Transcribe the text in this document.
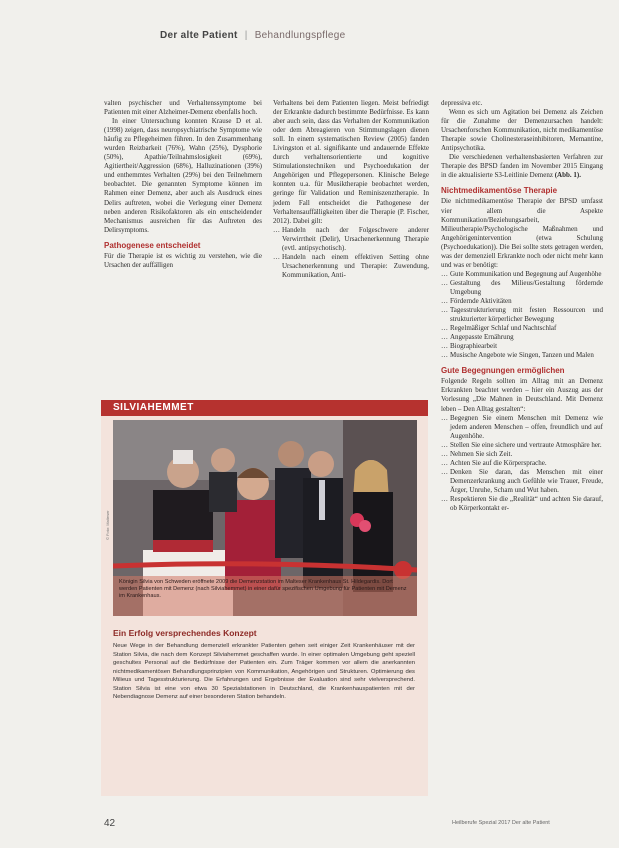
Der alte Patient | Behandlungspflege

valten psychischer und Verhaltenssymptome bei Patienten mit einer Alzheimer-Demenz ebenfalls hoch.

In einer Untersuchung konnten Krause D et al. (1998) zeigen, dass neuropsychiatrische Symptome wie häufig zu Pflegeheimen führen. In den Zusammenhang wurden Reizbarkeit (76%), Wahn (25%), Dysphorie (50%), Apathie/Teilnahmslosigkeit (69%), Agitiertheit/Aggression (68%), Halluzinationen (39%) und enthemmtes Verhalten (29%) bei den Teilnehmern beobachtet. Die genannten Symptome können im Rahmen einer Demenz, aber auch als Ausdruck eines Delirs auftreten, wobei die Verlegung einer Demenz neben anderen Risikofaktoren als ein entscheidender Mechanismus ausreichen für das Auftreten des Delirsymptoms.

Pathogenese entscheidet

Für die Therapie ist es wichtig zu verstehen, wie die Ursachen der auffälligen

Verhaltens bei dem Patienten liegen. Meist befriedigt der Erkrankte dadurch bestimmte Bedürfnisse. Es kann aber auch sein, dass das Verhalten der Kommunikation oder dem Abreagieren von Stimmungslagen dienen soll. In einem systematischen Review (2005) fanden Livingston et al. signifikante und andauernde Effekte durch verhaltensorientierte und kognitive Stimulationstechniken und Psychoedukation der Angehörigen und Pflegepersonen. Klinische Belege konnten u.a. für Musiktherapie beobachtet werden, geringe für Validation und Reminiszenztherapie. In jedem Fall entscheidet die Pathogenese der Verhaltensauffälligkeiten über die Therapie (P. Fischer, 2012). Dabei gilt:

… Handeln nach der Folgeschwere anderer Verwirrtheit (Delir), Ursachenerkennung Therapie (evtl. antipsychotisch).
… Handeln nach einem effektiven Setting ohne Ursachenerkennung und Therapie: Zuwendung, Kommunikation, Anti-

depressiva etc.

Wenn es sich um Agitation bei Demenz als Zeichen für die Zunahme der Demenzursachen handelt: Ursachenforschen Kommunikation, nicht medikamentöse Therapie sowie Cholinesteraseinhibitoren, Memantine, Antipsychotika.

Die verschiedenen verhaltensbasierten Verfahren zur Therapie des BPSD fanden im November 2015 Eingang in die aktualisierte S3-Leitlinie Demenz (Abb. 1).

Nichtmedikamentöse Therapie

Die nichtmedikamentöse Therapie der BPSD umfasst vier allem die Aspekte Kommunikation/Beziehungsarbeit, Milieutherapie/Psychologische Maßnahmen und Angehörigenintervention (etwa Schulung (Psychoedukation)). Die Bei sollte stets getragen werden, was der demenziell Erkrankte noch oder nicht mehr kann und was er benötigt:

… Gute Kommunikation und Begegnung auf Augenhöhe
… Gestaltung des Milieus/Gestaltung fördernde Umgebung
… Fördernde Aktivitäten
… Tagesstrukturierung mit festen Ressourcen und strukturierter körperlicher Bewegung
… Regelmäßiger Schlaf und Nachtschlaf
… Angepasste Ernährung
… Biographiearbeit
… Musische Angebote wie Singen, Tanzen und Malen
Gute Begegnungen ermöglichen

Folgende Regeln sollten im Alltag mit an Demenz Erkrankten beachtet werden – hier ein Auszug aus der Vorlesung „Die Mahnen in Deutschland. Mit Demenz leben – Den Alltag gestalten“:

… Begegnen Sie einem Menschen mit Demenz wie jedem anderen Menschen – offen, freundlich und auf Augenhöhe.
… Stellen Sie eine sichere und vertraute Atmosphäre her.
… Nehmen Sie sich Zeit.
… Achten Sie auf die Körpersprache.
… Denken Sie daran, das Menschen mit einer Demenzerkrankung auch Gefühle wie Trauer, Freude, Ärger, Unruhe, Scham und Wut haben.
… Respektieren Sie die „Realität“ und achten Sie darauf, ob Körperkontakt er-
SILVIAHEMMET
Königin Silvia von Schweden eröffnete 2009 die Demenzstation im Malteser Krankenhaus St. Hildegardis. Dort werden Patienten mit Demenz (nach Silviahemmet) in einer dafür spezifischen Umgebung für Patienten mit Demenz im Krankenhaus.
© Foto: Malteser
Ein Erfolg versprechendes Konzept
Neue Wege in der Behandlung demenziell erkrankter Patienten gehen seit einiger Zeit Krankenhäuser mit der Station Silvia, die nach dem Konzept Silviahemmet geschaffen wurde. In einer optimalen Umgebung geht speziell geschultes Personal auf die Bedürfnisse der Patienten ein. Zum Träger kommen vor allem die anerkannten nichtmedikamentösen Behandlungsprinzipien von Kommunikation, Angehörigen und Strukturen. Optimierung des Milieus und Tagesstrukturierung. Die Erfahrungen und Ergebnisse der Evaluation sind sehr vielversprechend. Station Silvia ist eine von etwa 30 Spezialstationen in Deutschland, die Krankenhauspatienten mit der Nebendiagnose Demenz auf einer besonderen Station behandeln.
42	Heilberufe Spezial 2017 Der alte Patient
